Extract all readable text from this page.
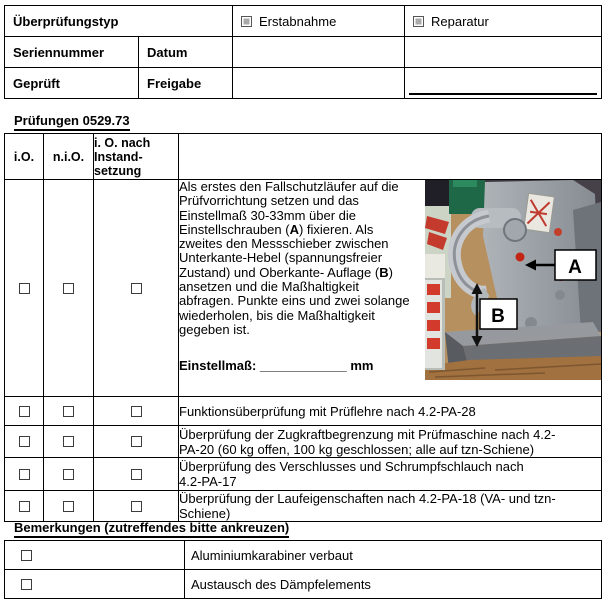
Überprüfungstyp		Erstabnahme	Reparatur
Seriennummer	Datum		
Geprüft	Freigabe		
Prüfungen 0529.73
i.O.	n.i.O.	i. O. nach Instand-setzung	

B
A
Als erstes den Fallschutzläufer auf die Prüfvorrichtung setzen und das Einstellmaß 30-33mm über die Einstellschrauben (A) fixieren. Als zweites den Messschieber zwischen Unterkante-Hebel (spannungsfreier Zustand) und Oberkante- Auflage (B) ansetzen und die Maßhaltigkeit abfragen. Punkte eins und zwei solange wiederholen, bis die Maßhaltigkeit gegeben ist.
Einstellmaß: ____________ mm

			Funktionsüberprüfung mit Prüflehre nach 4.2-PA-28

			Überprüfung der Zugkraftbegrenzung mit Prüfmaschine nach 4.2-
PA-20 (60 kg offen, 100 kg geschlossen; alle auf tzn-Schiene)

			Überprüfung des Verschlusses und Schrumpfschlauch nach
4.2-PA-17

			Überprüfung der Laufeigenschaften nach 4.2-PA-18 (VA- und tzn-
Schiene)
Bemerkungen (zutreffendes bitte ankreuzen)
	Aluminiumkarabiner verbaut
	Austausch des Dämpfelements
